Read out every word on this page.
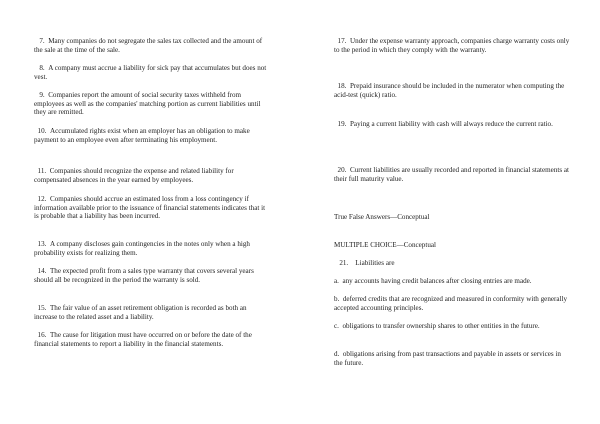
7. Many companies do not segregate the sales tax collected and the amount of the sale at the time of the sale.

8. A company must accrue a liability for sick pay that accumulates but does not vest.

9. Companies report the amount of social security taxes withheld from employees as well as the companies' matching portion as current liabilities until they are remitted.

10. Accumulated rights exist when an employer has an obligation to make payment to an employee even after terminating his employment.

11. Companies should recognize the expense and related liability for compensated absences in the year earned by employees.

12. Companies should accrue an estimated loss from a loss contingency if information available prior to the issuance of financial statements indicates that it is probable that a liability has been incurred.

13. A company discloses gain contingencies in the notes only when a high probability exists for realizing them.

14. The expected profit from a sales type warranty that covers several years should all be recognized in the period the warranty is sold.

15. The fair value of an asset retirement obligation is recorded as both an increase to the related asset and a liability.

16. The cause for litigation must have occurred on or before the date of the financial statements to report a liability in the financial statements.

17. Under the expense warranty approach, companies charge warranty costs only to the period in which they comply with the warranty.

18. Prepaid insurance should be included in the numerator when computing the acid-test (quick) ratio.

19. Paying a current liability with cash will always reduce the current ratio.

20. Current liabilities are usually recorded and reported in financial statements at their full maturity value.

True False Answers—Conceptual

MULTIPLE CHOICE—Conceptual

21. Liabilities are

a. any accounts having credit balances after closing entries are made.

b. deferred credits that are recognized and measured in conformity with generally accepted accounting principles.

c. obligations to transfer ownership shares to other entities in the future.

d. obligations arising from past transactions and payable in assets or services in the future.
